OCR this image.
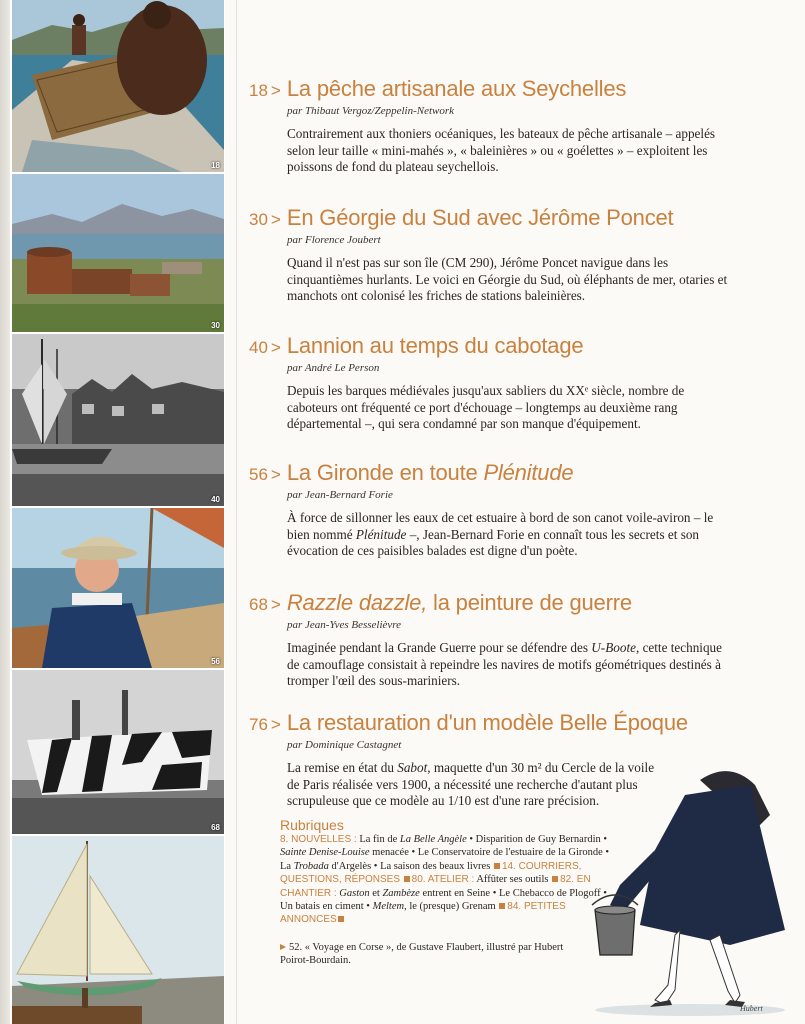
18
30
40
56
68
18 > La pêche artisanale aux Seychelles
par Thibaut Vergoz/Zeppelin-Network
Contrairement aux thoniers océaniques, les bateaux de pêche artisanale – appelés selon leur taille « mini-mahés », « baleinières » ou « goélettes » – exploitent les poissons de fond du plateau seychellois.
30 > En Géorgie du Sud avec Jérôme Poncet
par Florence Joubert
Quand il n'est pas sur son île (CM 290), Jérôme Poncet navigue dans les cinquantièmes hurlants. Le voici en Géorgie du Sud, où éléphants de mer, otaries et manchots ont colonisé les friches de stations baleinières.
40 > Lannion au temps du cabotage
par André Le Person
Depuis les barques médiévales jusqu'aux sabliers du XXᵉ siècle, nombre de caboteurs ont fréquenté ce port d'échouage – longtemps au deuxième rang départemental –, qui sera condamné par son manque d'équipement.
56 > La Gironde en toute Plénitude
par Jean-Bernard Forie
À force de sillonner les eaux de cet estuaire à bord de son canot voile-aviron – le bien nommé Plénitude –, Jean-Bernard Forie en connaît tous les secrets et son évocation de ces paisibles balades est digne d'un poète.
68 > Razzle dazzle, la peinture de guerre
par Jean-Yves Besselièvre
Imaginée pendant la Grande Guerre pour se défendre des U-Boote, cette technique de camouflage consistait à repeindre les navires de motifs géométriques destinés à tromper l'œil des sous-mariniers.
76 > La restauration d'un modèle Belle Époque
par Dominique Castagnet
La remise en état du Sabot, maquette d'un 30 m² du Cercle de la voile de Paris réalisée vers 1900, a nécessité une recherche d'autant plus scrupuleuse que ce modèle au 1/10 est d'une rare précision.
Rubriques
8. NOUVELLES : La fin de La Belle Angèle • Disparition de Guy Bernardin • Sainte Denise-Louise menacée • Le Conservatoire de l'estuaire de la Gironde • La Trobada d'Argelès • La saison des beaux livres 14. COURRIERS, QUESTIONS, RÉPONSES 80. ATELIER : Affûter ses outils 82. EN CHANTIER : Gaston et Zambèze entrent en Seine • Le Chebacco de Plogoff • Un batais en ciment • Meltem, le (presque) Grenam 84. PETITES ANNONCES
52. « Voyage en Corse », de Gustave Flaubert, illustré par Hubert Poirot-Bourdain.
Hubert
